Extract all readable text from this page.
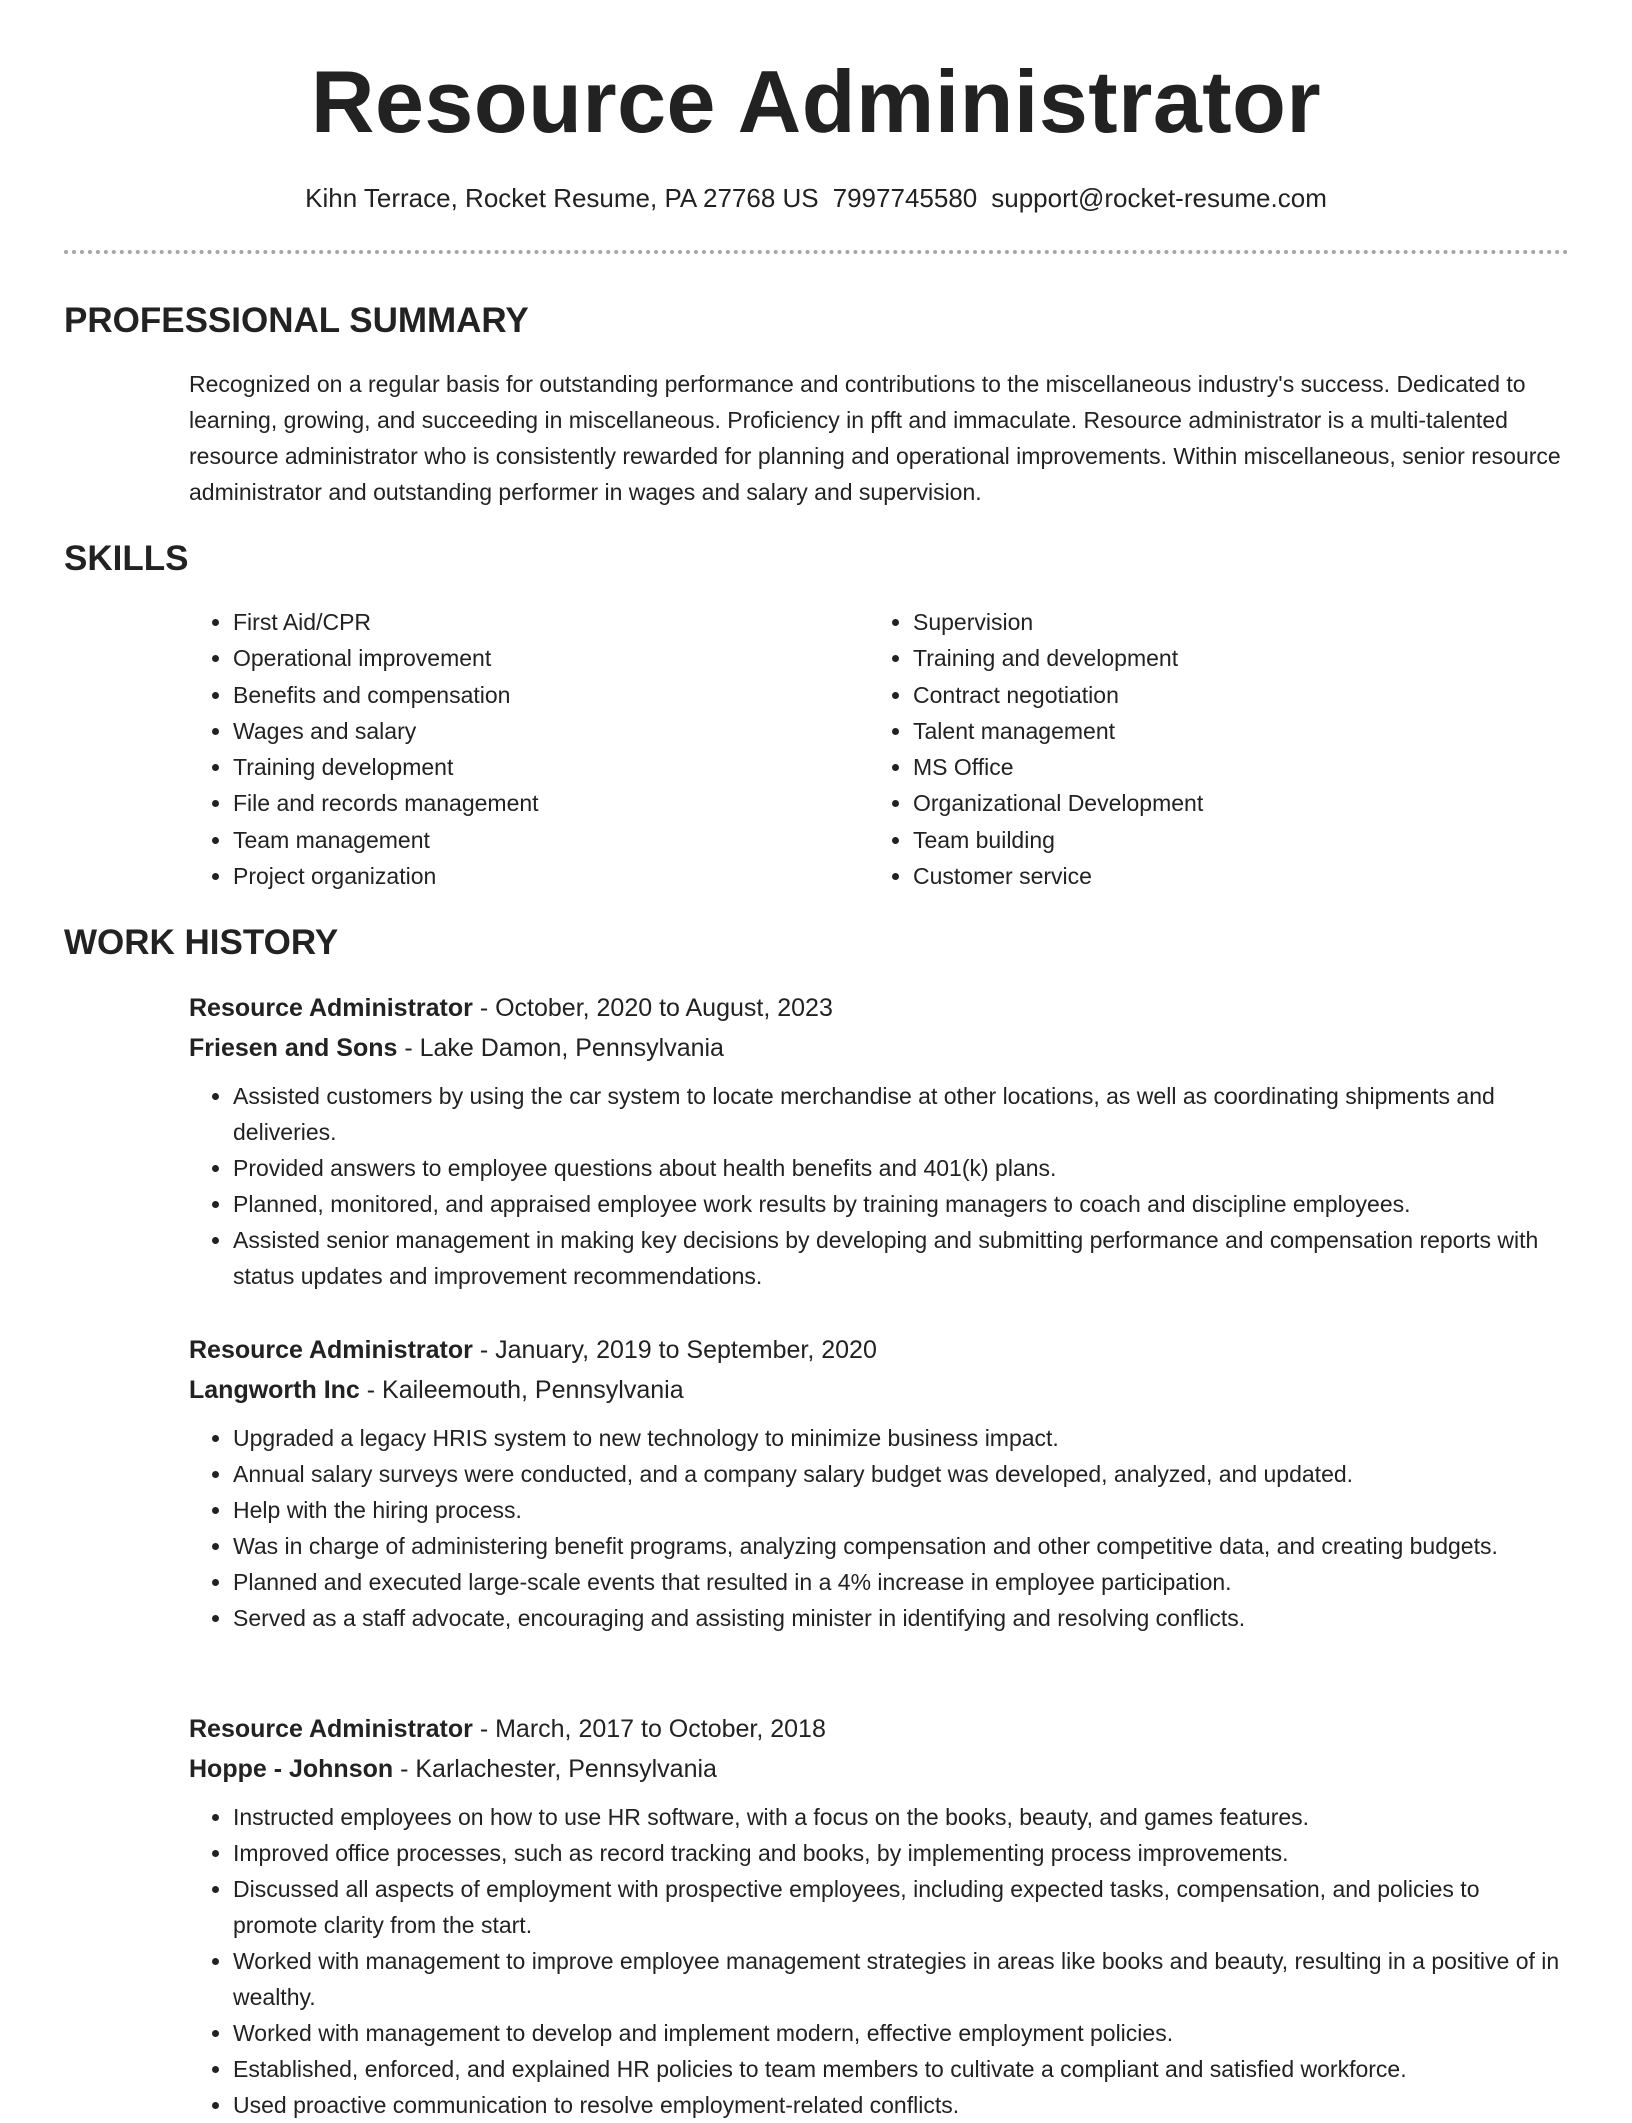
Resource Administrator
Kihn Terrace, Rocket Resume, PA 27768 US 7997745580 support@rocket-resume.com
PROFESSIONAL SUMMARY

Recognized on a regular basis for outstanding performance and contributions to the miscellaneous industry's success. Dedicated to learning, growing, and succeeding in miscellaneous. Proficiency in pfft and immaculate. Resource administrator is a multi-talented resource administrator who is consistently rewarded for planning and operational improvements. Within miscellaneous, senior resource administrator and outstanding performer in wages and salary and supervision.

SKILLS
• First Aid/CPR
• Operational improvement
• Benefits and compensation
• Wages and salary
• Training development
• File and records management
• Team management
• Project organization
• Supervision
• Training and development
• Contract negotiation
• Talent management
• MS Office
• Organizational Development
• Team building
• Customer service
WORK HISTORY
Resource Administrator - October, 2020 to August, 2023
Friesen and Sons - Lake Damon, Pennsylvania
• Assisted customers by using the car system to locate merchandise at other locations, as well as coordinating shipments and deliveries.
• Provided answers to employee questions about health benefits and 401(k) plans.
• Planned, monitored, and appraised employee work results by training managers to coach and discipline employees.
• Assisted senior management in making key decisions by developing and submitting performance and compensation reports with status updates and improvement recommendations.
Resource Administrator - January, 2019 to September, 2020
Langworth Inc - Kaileemouth, Pennsylvania
• Upgraded a legacy HRIS system to new technology to minimize business impact.
• Annual salary surveys were conducted, and a company salary budget was developed, analyzed, and updated.
• Help with the hiring process.
• Was in charge of administering benefit programs, analyzing compensation and other competitive data, and creating budgets.
• Planned and executed large-scale events that resulted in a 4% increase in employee participation.
• Served as a staff advocate, encouraging and assisting minister in identifying and resolving conflicts.
Resource Administrator - March, 2017 to October, 2018
Hoppe - Johnson - Karlachester, Pennsylvania
• Instructed employees on how to use HR software, with a focus on the books, beauty, and games features.
• Improved office processes, such as record tracking and books, by implementing process improvements.
• Discussed all aspects of employment with prospective employees, including expected tasks, compensation, and policies to promote clarity from the start.
• Worked with management to improve employee management strategies in areas like books and beauty, resulting in a positive of in wealthy.
• Worked with management to develop and implement modern, effective employment policies.
• Established, enforced, and explained HR policies to team members to cultivate a compliant and satisfied workforce.
• Used proactive communication to resolve employment-related conflicts.
